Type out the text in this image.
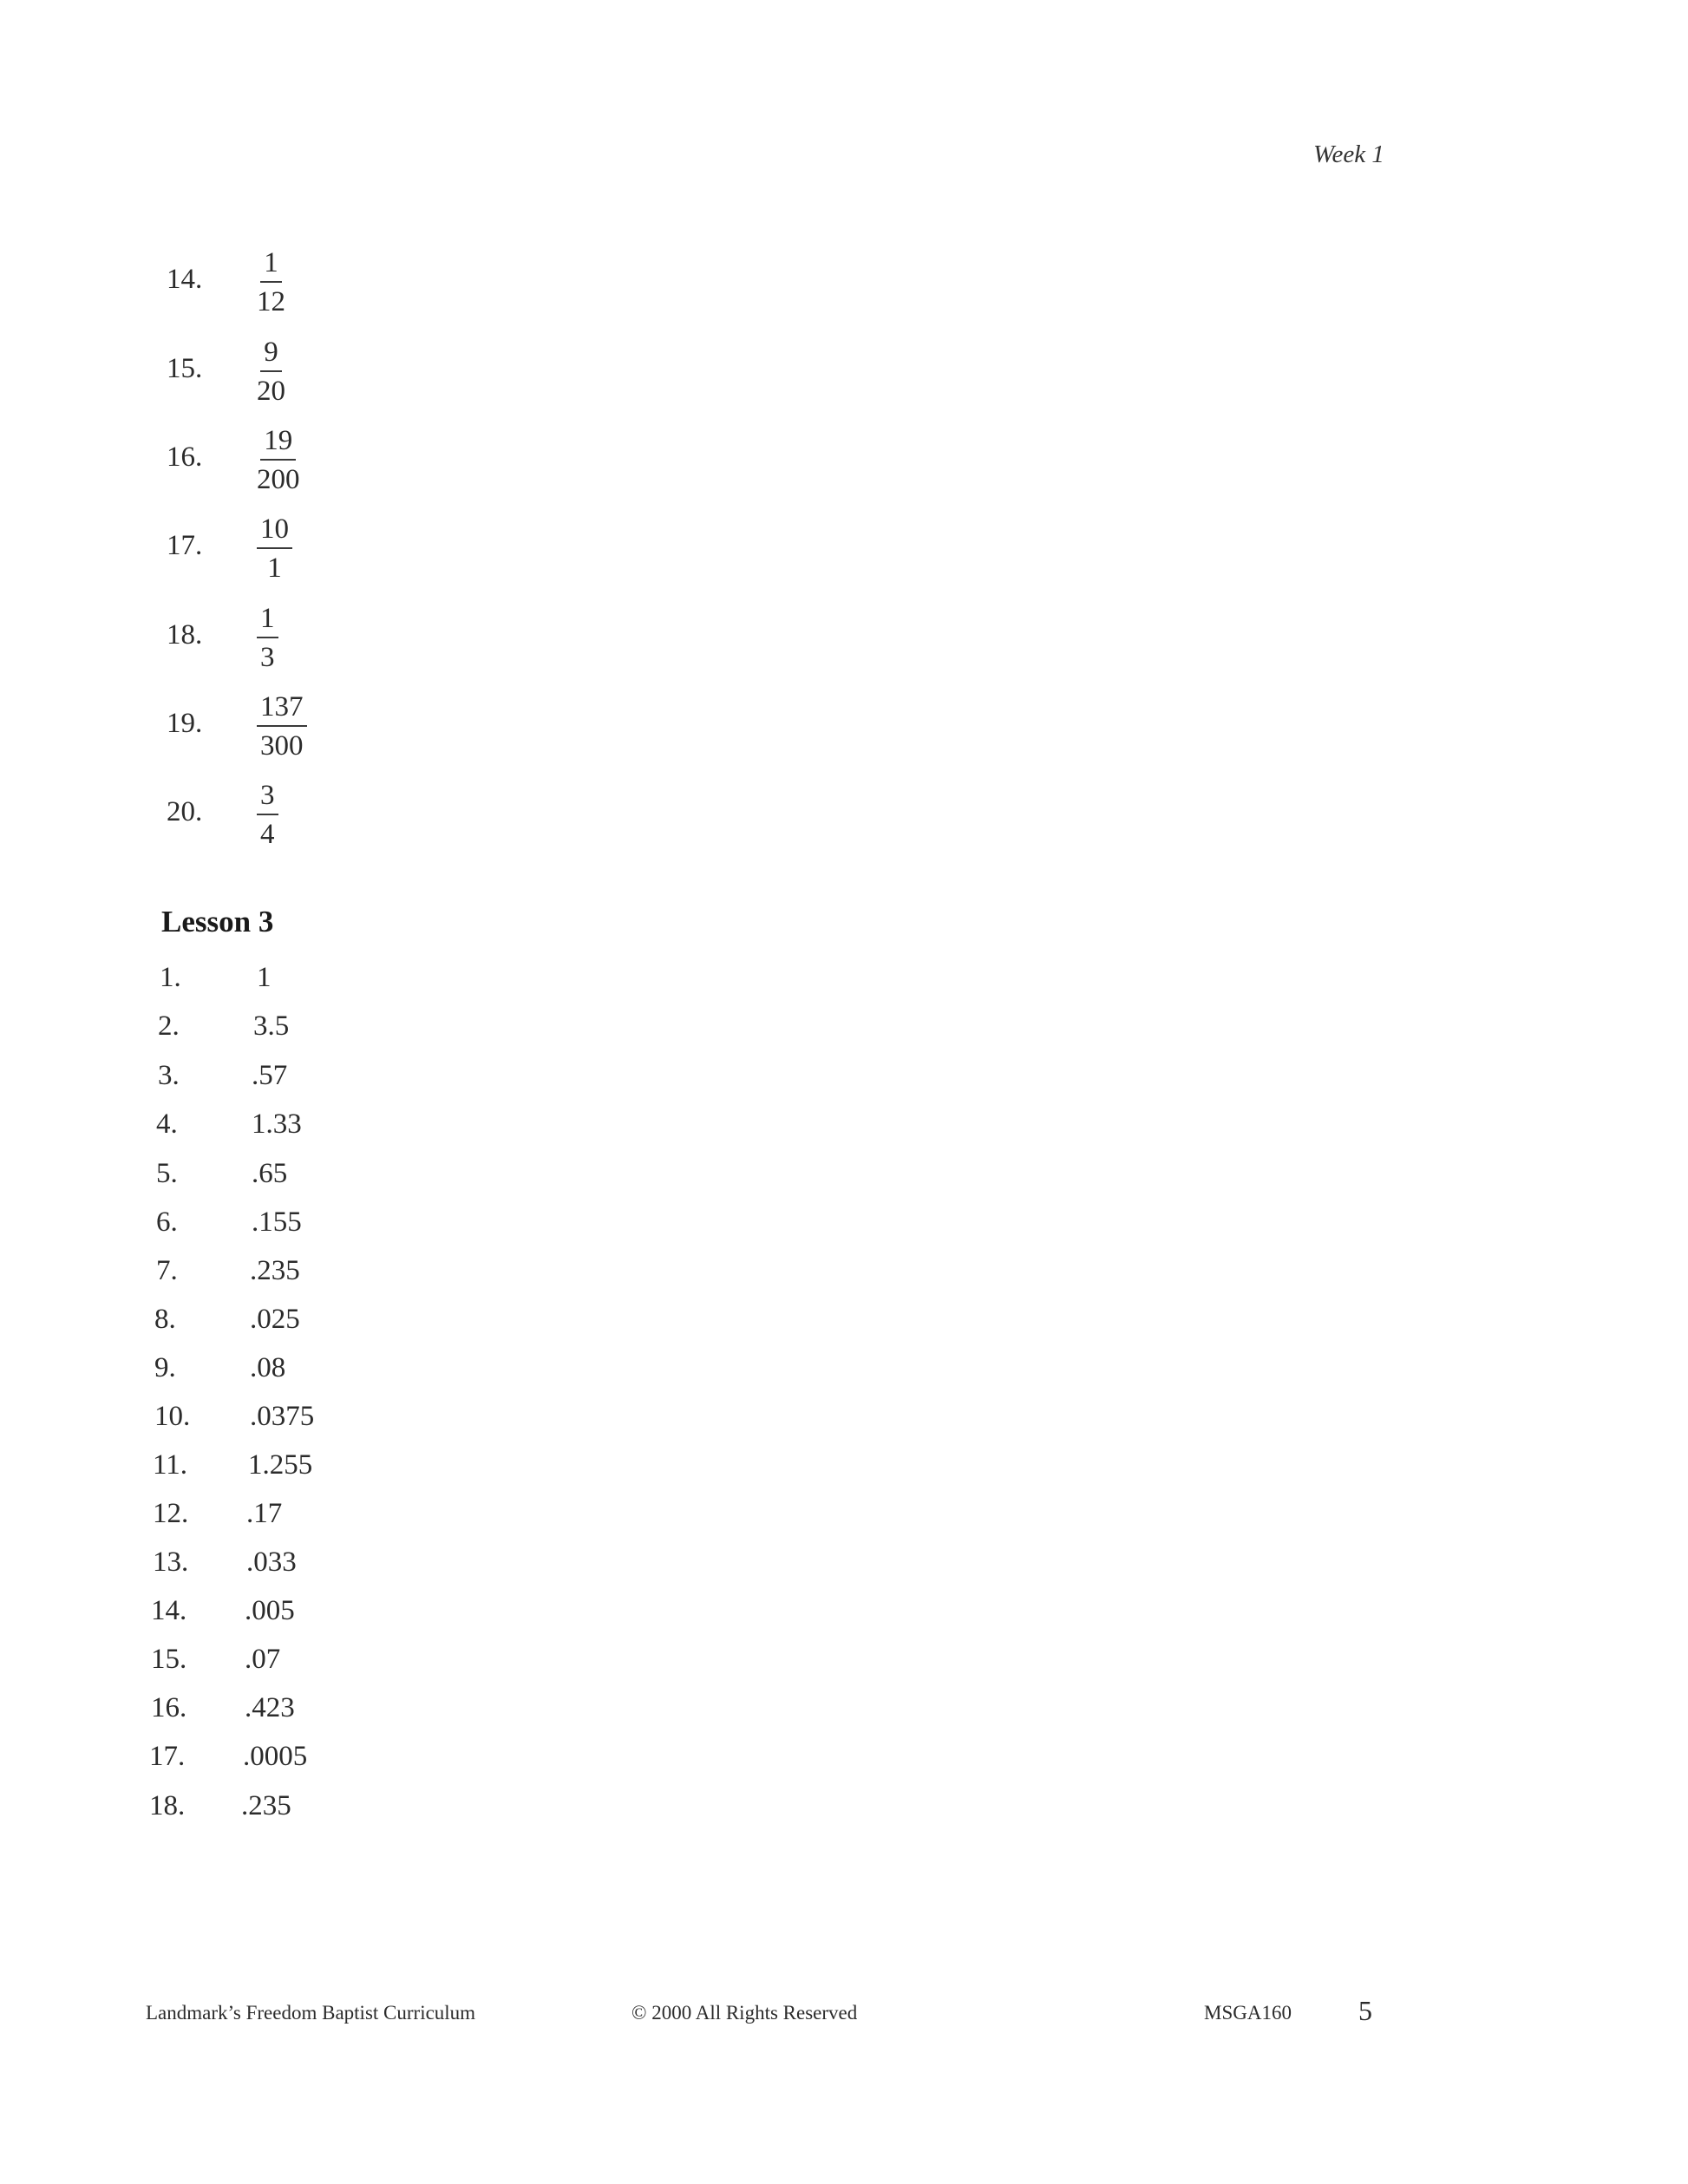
Week 1
14. $\frac{1}{12}$
15. $\frac{9}{20}$
16. $\frac{19}{200}$
17. $\frac{10}{1}$
18. $\frac{1}{3}$
19. $\frac{137}{300}$
20. $\frac{3}{4}$
Lesson 3
1.	1
2.	3.5
3.	.57
4.	1.33
5.	.65
6.	.155
7.	.235
8.	.025
9.	.08
10. .0375
11. 1.255
12. .17
13. .033
14. .005
15. .07
16. .423
17. .0005
18. .235
Landmark’s Freedom Baptist Curriculum	© 2000 All Rights Reserved	MSGA160 5
